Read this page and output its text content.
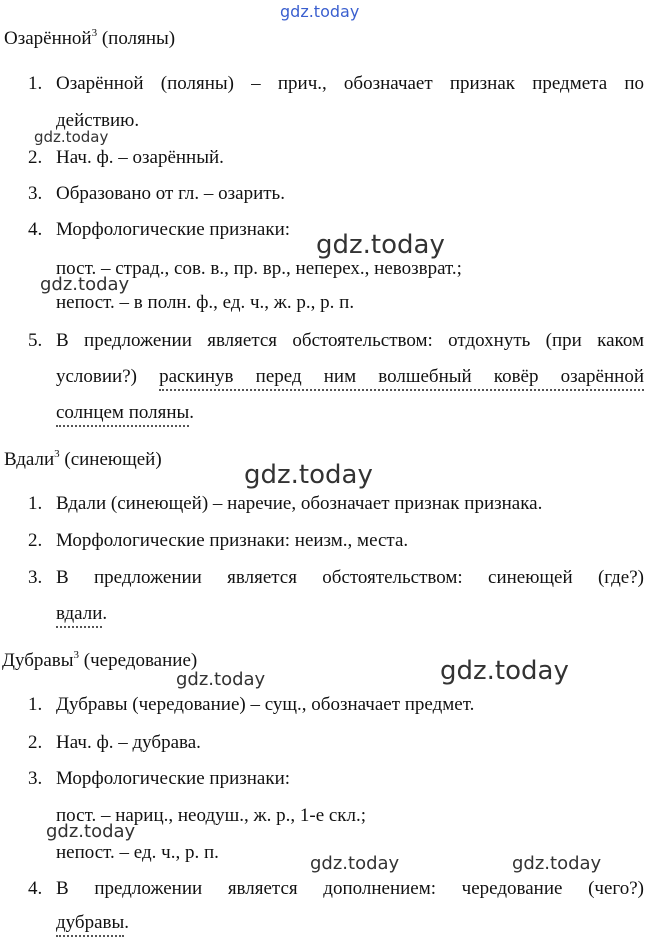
gdz.today
gdz.today
gdz.today
gdz.today
gdz.today
gdz.today
gdz.today
gdz.today
gdz.today	gdz.today
Озарённой$^3$ (поляны)
1. Озарённой (поляны) – прич., обозначает признак предмета по
действию.
2. Нач. ф. – озарённый.
3. Образовано от гл. – озарить.
4. Морфологические признаки:
пост. – страд., сов. в., пр. вр., неперех., невозврат.;
непост. – в полн. ф., ед. ч., ж. р., р. п.
5. В предложении является обстоятельством: отдохнуть (при каком
условии?) раскинув перед ним волшебный ковёр озарённой
солнцем поляны.
Вдали$^3$ (синеющей)
1. Вдали (синеющей) – наречие, обозначает признак признака.
2. Морфологические признаки: неизм., места.
3. В предложении является обстоятельством: синеющей (где?)
вдали.
Дубравы$^3$ (чередование)
1. Дубравы (чередование) – сущ., обозначает предмет.
2. Нач. ф. – дубрава.
3. Морфологические признаки:
пост. – нариц., неодуш., ж. р., 1-е скл.;
непост. – ед. ч., р. п.
4. В предложении является дополнением: чередование (чего?)
дубравы.
